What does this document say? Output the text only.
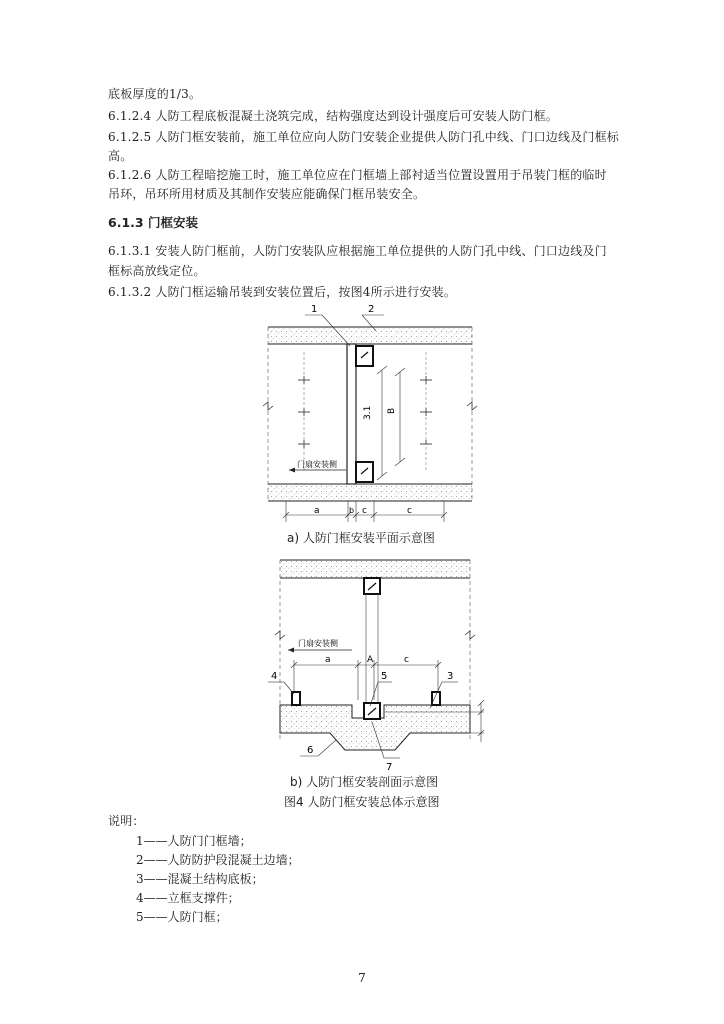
底板厚度的1/3。
6.1.2.4 人防工程底板混凝土浇筑完成，结构强度达到设计强度后可安装人防门框。
6.1.2.5 人防门框安装前，施工单位应向人防门安装企业提供人防门孔中线、门口边线及门框标
高。
6.1.2.6 人防工程暗挖施工时，施工单位应在门框墙上部衬适当位置设置用于吊装门框的临时
吊环，吊环所用材质及其制作安装应能确保门框吊装安全。
6.1.3 门框安装
6.1.3.1 安装人防门框前，人防门安装队应根据施工单位提供的人防门孔中线、门口边线及门
框标高放线定位。
6.1.3.2 人防门框运输吊装到安装位置后，按图4所示进行安装。
3.1 B
门扇安装侧
1	2
a	b c	c
门扇安装侧
a	A	c
4	5	3
6
7
a) 人防门框安装平面示意图
b) 人防门框安装剖面示意图
图4 人防门框安装总体示意图
说明：
1——人防门门框墙；
2——人防防护段混凝土边墙；
3——混凝土结构底板；
4——立框支撑件；
5——人防门框；
7
